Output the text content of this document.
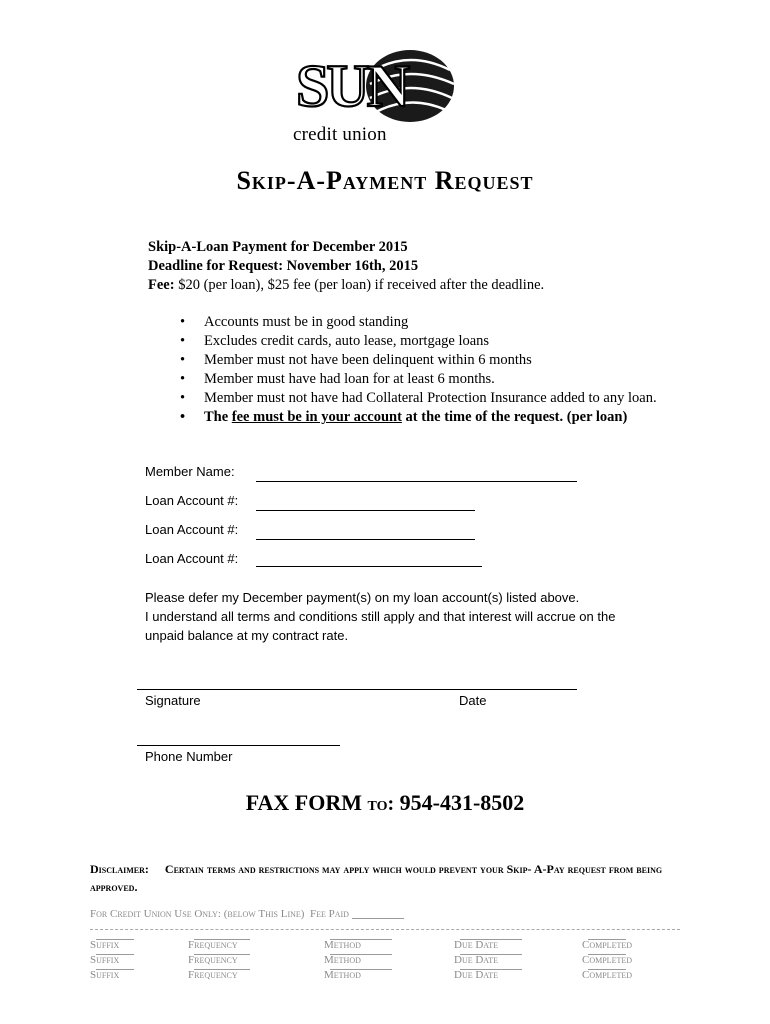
SUN
credit union
Skip-A-Payment Request
Skip-A-Loan Payment for December 2015
Deadline for Request: November 16th, 2015
Fee: $20 (per loan), $25 fee (per loan) if received after the deadline.
• Accounts must be in good standing
• Excludes credit cards, auto lease, mortgage loans
• Member must not have been delinquent within 6 months
• Member must have had loan for at least 6 months.
• Member must not have had Collateral Protection Insurance added to any loan.
• The fee must be in your account at the time of the request. (per loan)
Member Name:
Loan Account #:
Loan Account #:
Loan Account #:
Please defer my December payment(s) on my loan account(s) listed above.
I understand all terms and conditions still apply and that interest will accrue on the
unpaid balance at my contract rate.
Signature	Date
Phone Number
FAX FORM to: 954-431-8502
Disclaimer: Certain terms and restrictions may apply which would prevent your Skip- A-Pay request from being approved.
For Credit Union Use Only: (below This Line) Fee Paid
Suffix	Frequency	Method	Due Date	Completed
Suffix	Frequency	Method	Due Date	Completed
Suffix	Frequency	Method	Due Date	Completed
